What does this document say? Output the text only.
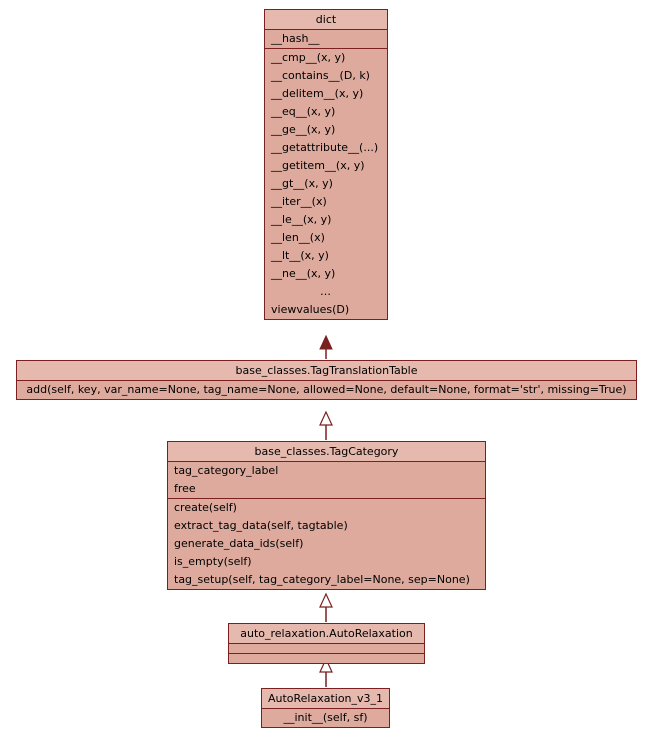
dict
__hash__
__cmp__(x, y)
__contains__(D, k)
__delitem__(x, y)
__eq__(x, y)
__ge__(x, y)
__getattribute__(...)
__getitem__(x, y)
__gt__(x, y)
__iter__(x)
__le__(x, y)
__len__(x)
__lt__(x, y)
__ne__(x, y)
…
viewvalues(D)
base_classes.TagTranslationTable
add(self, key, var_name=None, tag_name=None, allowed=None, default=None, format='str', missing=True)
base_classes.TagCategory
tag_category_label
free
create(self)
extract_tag_data(self, tagtable)
generate_data_ids(self)
is_empty(self)
tag_setup(self, tag_category_label=None, sep=None)
auto_relaxation.AutoRelaxation
AutoRelaxation_v3_1
__init__(self, sf)
